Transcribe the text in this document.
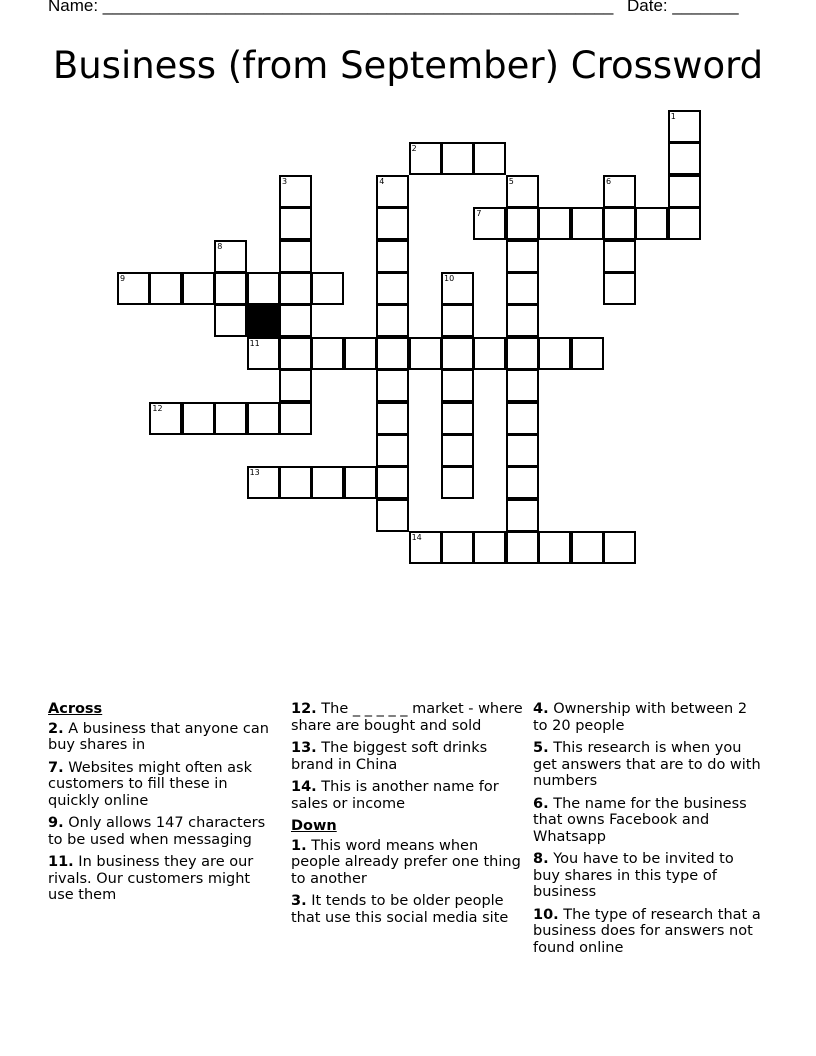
Name: ______________________________________________________ Date: _______
Business (from September) Crossword
1
2
3	4	5	6
7
8
9	10
11
12
13
14
Across
2. A business that anyone can buy shares in
7. Websites might often ask customers to fill these in quickly online
9. Only allows 147 characters to be used when messaging
11. In business they are our rivals. Our customers might use them
12. The _ _ _ _ _ market - where share are bought and sold
13. The biggest soft drinks brand in China
14. This is another name for sales or income
Down
1. This word means when people already prefer one thing to another
3. It tends to be older people that use this social media site
4. Ownership with between 2 to 20 people
5. This research is when you get answers that are to do with numbers
6. The name for the business that owns Facebook and Whatsapp
8. You have to be invited to buy shares in this type of business
10. The type of research that a business does for answers not found online
